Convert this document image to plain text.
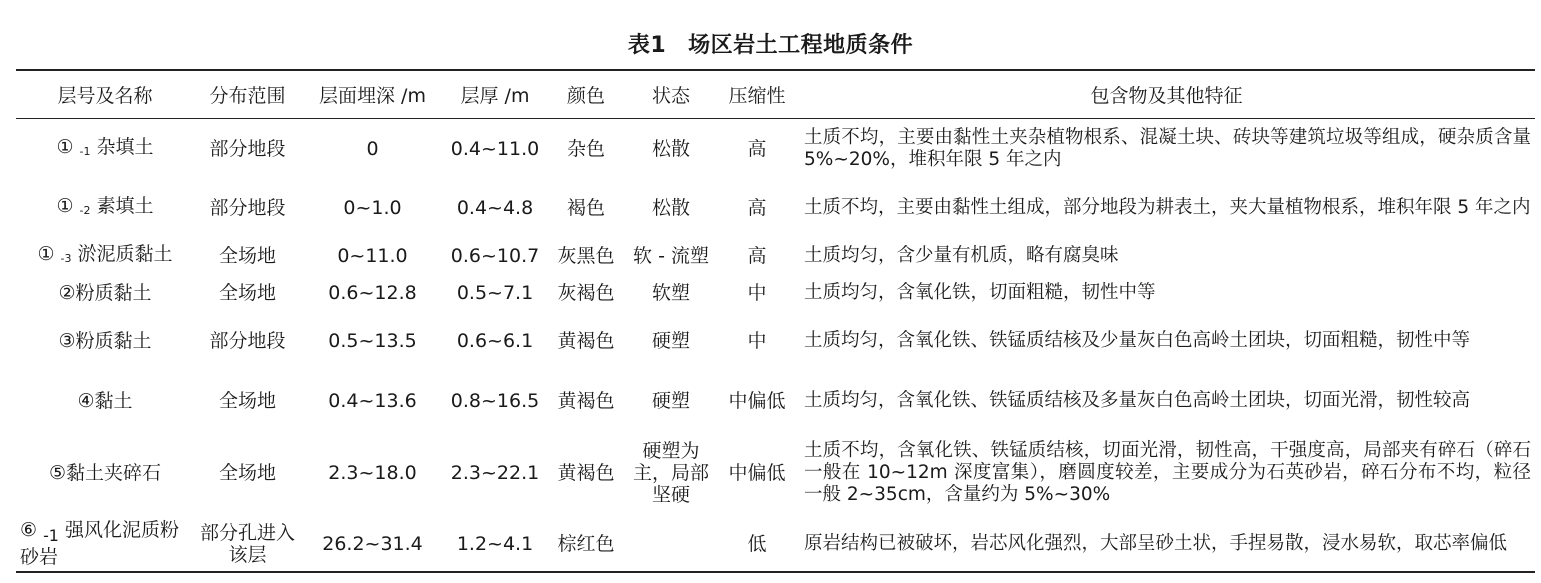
表1 场区岩土工程地质条件
层号及名称	分布范围	层面埋深 /m	层厚 /m	颜色	状态	压缩性	包含物及其他特征
① $_{-1}$ 杂填土	部分地段	0	0.4~11.0	杂色	松散	高	土质不均，主要由黏性土夹杂植物根系、混凝土块、砖块等建筑垃圾等组成，硬杂质含量 5%~20%，堆积年限 5 年之内
① $_{-2}$ 素填土	部分地段	0~1.0	0.4~4.8	褐色	松散	高	土质不均，主要由黏性土组成，部分地段为耕表土，夹大量植物根系，堆积年限 5 年之内
① $_{-3}$ 淤泥质黏土	全场地	0~11.0	0.6~10.7	灰黑色	软 - 流塑	高	土质均匀，含少量有机质，略有腐臭味
②粉质黏土	全场地	0.6~12.8	0.5~7.1	灰褐色	软塑	中	土质均匀，含氧化铁，切面粗糙，韧性中等
③粉质黏土	部分地段	0.5~13.5	0.6~6.1	黄褐色	硬塑	中	土质均匀，含氧化铁、铁锰质结核及少量灰白色高岭土团块，切面粗糙，韧性中等
④黏土	全场地	0.4~13.6	0.8~16.5	黄褐色	硬塑	中偏低	土质均匀，含氧化铁、铁锰质结核及多量灰白色高岭土团块，切面光滑，韧性较高
⑤黏土夹碎石	全场地	2.3~18.0	2.3~22.1	黄褐色	硬塑为主，局部坚硬	中偏低	土质不均，含氧化铁、铁锰质结核，切面光滑，韧性高，干强度高，局部夹有碎石（碎石一般在 10~12m 深度富集），磨圆度较差，主要成分为石英砂岩，碎石分布不均，粒径一般 2~35cm，含量约为 5%~30%
⑥ $_{-1}$ 强风化泥质粉砂岩	部分孔进入该层	26.2~31.4	1.2~4.1	棕红色		低	原岩结构已被破坏，岩芯风化强烈，大部呈砂土状，手捏易散，浸水易软，取芯率偏低
